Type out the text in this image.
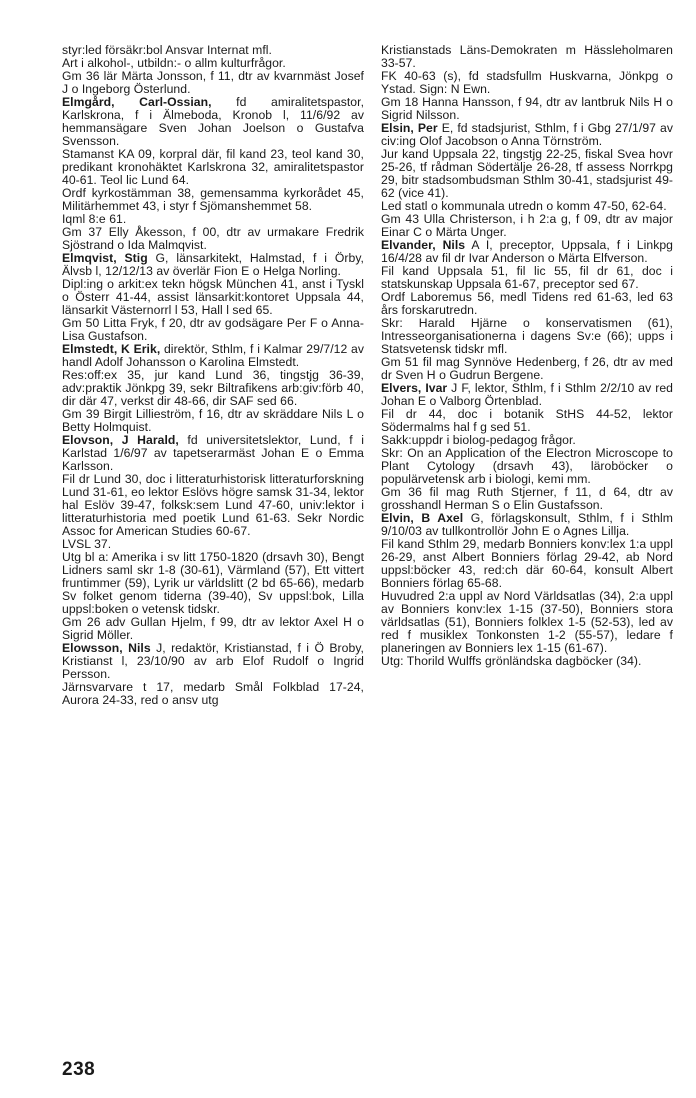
styr:led försäkr:bol Ansvar Internat mfl.

Art i alkohol-, utbildn:- o allm kulturfrågor.

Gm 36 lär Märta Jonsson, f 11, dtr av kvarnmäst Josef J o Ingeborg Österlund.

Elmgård, Carl-Ossian, fd amiralitetspastor, Karlskrona, f i Älmeboda, Kronob l, 11/6/92 av hemmansägare Sven Johan Joelson o Gustafva Svensson.

Stamanst KA 09, korpral där, fil kand 23, teol kand 30, predikant kronohäktet Karlskrona 32, amiralitetspastor 40-61. Teol lic Lund 64.

Ordf kyrkostämman 38, gemensamma kyrkorådet 45, Militärhemmet 43, i styr f Sjömanshemmet 58.

Iqml 8:e 61.

Gm 37 Elly Åkesson, f 00, dtr av urmakare Fredrik Sjöstrand o Ida Malmqvist.

Elmqvist, Stig G, länsarkitekt, Halmstad, f i Örby, Älvsb l, 12/12/13 av överlär Fion E o Helga Norling.

Dipl:ing o arkit:ex tekn högsk München 41, anst i Tyskl o Österr 41-44, assist länsarkit:kontoret Uppsala 44, länsarkit Västernorrl l 53, Hall l sed 65.

Gm 50 Litta Fryk, f 20, dtr av godsägare Per F o Anna-Lisa Gustafson.

Elmstedt, K Erik, direktör, Sthlm, f i Kalmar 29/7/12 av handl Adolf Johansson o Karolina Elmstedt.

Res:off:ex 35, jur kand Lund 36, tingstjg 36-39, adv:praktik Jönkpg 39, sekr Biltrafikens arb:giv:förb 40, dir där 47, verkst dir 48-66, dir SAF sed 66.

Gm 39 Birgit Lillieström, f 16, dtr av skräddare Nils L o Betty Holmquist.

Elovson, J Harald, fd universitetslektor, Lund, f i Karlstad 1/6/97 av tapetserarmäst Johan E o Emma Karlsson.

Fil dr Lund 30, doc i litteraturhistorisk litteraturforskning Lund 31-61, eo lektor Eslövs högre samsk 31-34, lektor hal Eslöv 39-47, folksk:sem Lund 47-60, univ:lektor i litteraturhistoria med poetik Lund 61-63. Sekr Nordic Assoc for American Studies 60-67.

LVSL 37.

Utg bl a: Amerika i sv litt 1750-1820 (drsavh 30), Bengt Lidners saml skr 1-8 (30-61), Värmland (57), Ett vittert fruntimmer (59), Lyrik ur världslitt (2 bd 65-66), medarb Sv folket genom tiderna (39-40), Sv uppsl:bok, Lilla uppsl:boken o vetensk tidskr.

Gm 26 adv Gullan Hjelm, f 99, dtr av lektor Axel H o Sigrid Möller.

Elowsson, Nils J, redaktör, Kristianstad, f i Ö Broby, Kristianst l, 23/10/90 av arb Elof Rudolf o Ingrid Persson.

Järnsvarvare t 17, medarb Smål Folkblad 17-24, Aurora 24-33, red o ansv utg

Kristianstads Läns-Demokraten m Hässleholmaren 33-57.

FK 40-63 (s), fd stadsfullm Huskvarna, Jönkpg o Ystad. Sign: N Ewn.

Gm 18 Hanna Hansson, f 94, dtr av lantbruk Nils H o Sigrid Nilsson.

Elsin, Per E, fd stadsjurist, Sthlm, f i Gbg 27/1/97 av civ:ing Olof Jacobson o Anna Törnström.

Jur kand Uppsala 22, tingstjg 22-25, fiskal Svea hovr 25-26, tf rådman Södertälje 26-28, tf assess Norrkpg 29, bitr stadsombudsman Sthlm 30-41, stadsjurist 49-62 (vice 41).

Led statl o kommunala utredn o komm 47-50, 62-64.

Gm 43 Ulla Christerson, i h 2:a g, f 09, dtr av major Einar C o Märta Unger.

Elvander, Nils A I, preceptor, Uppsala, f i Linkpg 16/4/28 av fil dr Ivar Anderson o Märta Elfverson.

Fil kand Uppsala 51, fil lic 55, fil dr 61, doc i statskunskap Uppsala 61-67, preceptor sed 67.

Ordf Laboremus 56, medl Tidens red 61-63, led 63 års forskarutredn.

Skr: Harald Hjärne o konservatismen (61), Intresseorganisationerna i dagens Sv:e (66); upps i Statsvetensk tidskr mfl.

Gm 51 fil mag Synnöve Hedenberg, f 26, dtr av med dr Sven H o Gudrun Bergene.

Elvers, Ivar J F, lektor, Sthlm, f i Sthlm 2/2/10 av red Johan E o Valborg Örtenblad.

Fil dr 44, doc i botanik StHS 44-52, lektor Södermalms hal f g sed 51.

Sakk:uppdr i biolog-pedagog frågor.

Skr: On an Application of the Electron Microscope to Plant Cytology (drsavh 43), läroböcker o populärvetensk arb i biologi, kemi mm.

Gm 36 fil mag Ruth Stjerner, f 11, d 64, dtr av grosshandl Herman S o Elin Gustafsson.

Elvin, B Axel G, förlagskonsult, Sthlm, f i Sthlm 9/10/03 av tullkontrollör John E o Agnes Lillja.

Fil kand Sthlm 29, medarb Bonniers konv:lex 1:a uppl 26-29, anst Albert Bonniers förlag 29-42, ab Nord uppsl:böcker 43, red:ch där 60-64, konsult Albert Bonniers förlag 65-68.

Huvudred 2:a uppl av Nord Världsatlas (34), 2:a uppl av Bonniers konv:lex 1-15 (37-50), Bonniers stora världsatlas (51), Bonniers folklex 1-5 (52-53), led av red f musiklex Tonkonsten 1-2 (55-57), ledare f planeringen av Bonniers lex 1-15 (61-67).

Utg: Thorild Wulffs grönländska dagböcker (34).

238
